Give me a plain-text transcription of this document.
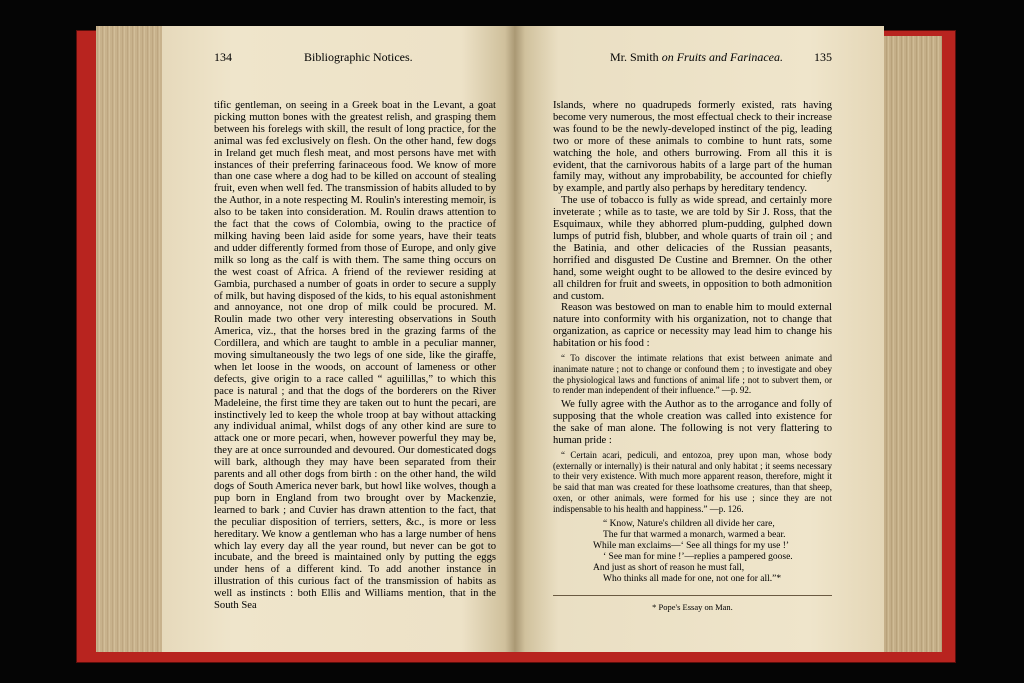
134	Bibliographic Notices.

tific gentleman, on seeing in a Greek boat in the Levant, a goat picking mutton bones with the greatest relish, and grasping them between his forelegs with skill, the result of long practice, for the animal was fed exclusively on flesh. On the other hand, few dogs in Ireland get much flesh meat, and most persons have met with instances of their preferring farinaceous food. We know of more than one case where a dog had to be killed on account of stealing fruit, even when well fed. The transmission of habits alluded to by the Author, in a note respecting M. Roulin's interesting memoir, is also to be taken into consideration. M. Roulin draws attention to the fact that the cows of Colombia, owing to the practice of milking having been laid aside for some years, have their teats and udder differently formed from those of Europe, and only give milk so long as the calf is with them. The same thing occurs on the west coast of Africa. A friend of the reviewer residing at Gambia, purchased a number of goats in order to secure a supply of milk, but having disposed of the kids, to his equal astonishment and annoyance, not one drop of milk could be procured. M. Roulin made two other very interesting observations in South America, viz., that the horses bred in the grazing farms of the Cordillera, and which are taught to amble in a peculiar manner, moving simultaneously the two legs of one side, like the giraffe, when let loose in the woods, on account of lameness or other defects, give origin to a race called “ aguilillas,” to which this pace is natural ; and that the dogs of the borderers on the River Madeleine, the first time they are taken out to hunt the pecari, are instinctively led to keep the whole troop at bay without attacking any individual animal, whilst dogs of any other kind are sure to attack one or more pecari, when, however powerful they may be, they are at once surrounded and devoured. Our domesticated dogs will bark, although they may have been separated from their parents and all other dogs from birth : on the other hand, the wild dogs of South America never bark, but howl like wolves, though a pup born in England from two brought over by Mackenzie, learned to bark ; and Cuvier has drawn attention to the fact, that the peculiar disposition of terriers, setters, &c., is more or less hereditary. We know a gentleman who has a large number of hens which lay every day all the year round, but never can be got to incubate, and the breed is maintained only by putting the eggs under hens of a different kind. To add another instance in illustration of this curious fact of the transmission of habits as well as instincts : both Ellis and Williams mention, that in the South Sea

Mr. Smith on Fruits and Farinacea.	135

Islands, where no quadrupeds formerly existed, rats having become very numerous, the most effectual check to their increase was found to be the newly-developed instinct of the pig, leading two or more of these animals to combine to hunt rats, some watching the hole, and others burrowing. From all this it is evident, that the carnivorous habits of a large part of the human family may, without any improbability, be accounted for chiefly by example, and partly also perhaps by hereditary tendency.

The use of tobacco is fully as wide spread, and certainly more inveterate ; while as to taste, we are told by Sir J. Ross, that the Esquimaux, while they abhorred plum-pudding, gulphed down lumps of putrid fish, blubber, and whole quarts of train oil ; and the Batinia, and other delicacies of the Russian peasants, horrified and disgusted De Custine and Bremner. On the other hand, some weight ought to be allowed to the desire evinced by all children for fruit and sweets, in opposition to both admonition and custom.

Reason was bestowed on man to enable him to mould external nature into conformity with his organization, not to change that organization, as caprice or necessity may lead him to change his habitation or his food :

“ To discover the intimate relations that exist between animate and inanimate nature ; not to change or confound them ; to investigate and obey the physiological laws and functions of animal life ; not to subvert them, or to render man independent of their influence.” —p. 92.

We fully agree with the Author as to the arrogance and folly of supposing that the whole creation was called into existence for the sake of man alone. The following is not very flattering to human pride :

“ Certain acari, pediculi, and entozoa, prey upon man, whose body (externally or internally) is their natural and only habitat ; it seems necessary to their very existence. With much more apparent reason, therefore, might it be said that man was created for these loathsome creatures, than that sheep, oxen, or other animals, were formed for his use ; since they are not indispensable to his health and happiness.” —p. 126.

“ Know, Nature's children all divide her care,
The fur that warmed a monarch, warmed a bear.
While man exclaims—‘ See all things for my use !’
‘ See man for mine !’—replies a pampered goose.
And just as short of reason he must fall,
Who thinks all made for one, not one for all.”*
* Pope's Essay on Man.
